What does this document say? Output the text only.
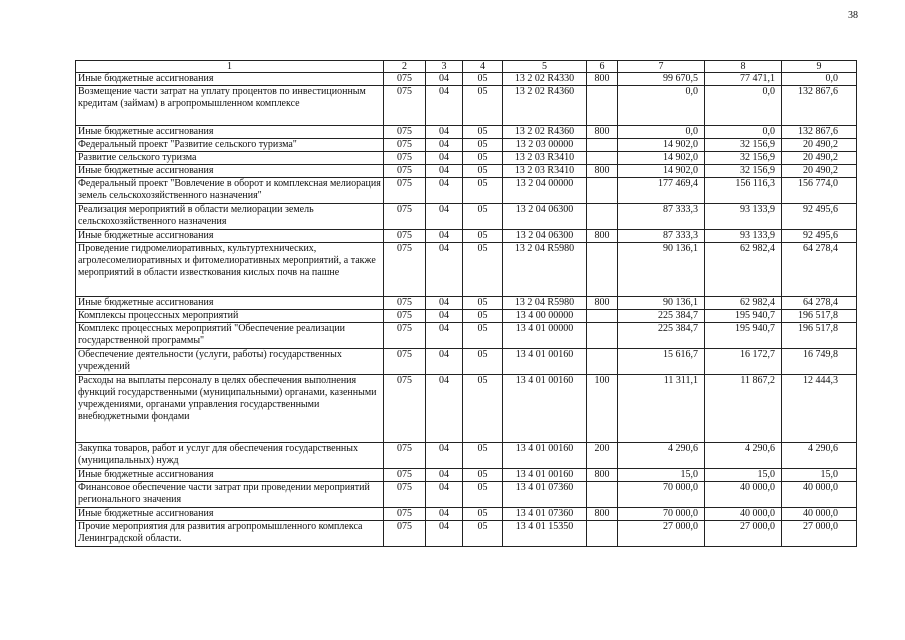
38
1	2	3	4	5	6	7	8	9
Иные бюджетные ассигнования	075	04	05	13 2 02 R4330	800	99 670,5	77 471,1	0,0
Возмещение части затрат на уплату процентов по инвестиционным кредитам (займам) в агропромышленном комплексе	075	04	05	13 2 02 R4360		0,0	0,0	132 867,6
Иные бюджетные ассигнования	075	04	05	13 2 02 R4360	800	0,0	0,0	132 867,6
Федеральный проект "Развитие сельского туризма"	075	04	05	13 2 03 00000		14 902,0	32 156,9	20 490,2
Развитие сельского туризма	075	04	05	13 2 03 R3410		14 902,0	32 156,9	20 490,2
Иные бюджетные ассигнования	075	04	05	13 2 03 R3410	800	14 902,0	32 156,9	20 490,2
Федеральный проект "Вовлечение в оборот и комплексная мелиорация земель сельскохозяйственного назначения"	075	04	05	13 2 04 00000		177 469,4	156 116,3	156 774,0
Реализация мероприятий в области мелиорации земель сельскохозяйственного назначения	075	04	05	13 2 04 06300		87 333,3	93 133,9	92 495,6
Иные бюджетные ассигнования	075	04	05	13 2 04 06300	800	87 333,3	93 133,9	92 495,6
Проведение гидромелиоративных, культуртехнических, агролесомелиоративных и фитомелиоративных мероприятий, а также мероприятий в области известкования кислых почв на пашне	075	04	05	13 2 04 R5980		90 136,1	62 982,4	64 278,4
Иные бюджетные ассигнования	075	04	05	13 2 04 R5980	800	90 136,1	62 982,4	64 278,4
Комплексы процессных мероприятий	075	04	05	13 4 00 00000		225 384,7	195 940,7	196 517,8
Комплекс процессных мероприятий "Обеспечение реализации государственной программы"	075	04	05	13 4 01 00000		225 384,7	195 940,7	196 517,8
Обеспечение деятельности (услуги, работы) государственных учреждений	075	04	05	13 4 01 00160		15 616,7	16 172,7	16 749,8
Расходы на выплаты персоналу в целях обеспечения выполнения функций государственными (муниципальными) органами, казенными учреждениями, органами управления государственными внебюджетными фондами	075	04	05	13 4 01 00160	100	11 311,1	11 867,2	12 444,3
Закупка товаров, работ и услуг для обеспечения государственных (муниципальных) нужд	075	04	05	13 4 01 00160	200	4 290,6	4 290,6	4 290,6
Иные бюджетные ассигнования	075	04	05	13 4 01 00160	800	15,0	15,0	15,0
Финансовое обеспечение части затрат при проведении мероприятий регионального значения	075	04	05	13 4 01 07360		70 000,0	40 000,0	40 000,0
Иные бюджетные ассигнования	075	04	05	13 4 01 07360	800	70 000,0	40 000,0	40 000,0
Прочие мероприятия для развития агропромышленного комплекса Ленинградской области.	075	04	05	13 4 01 15350		27 000,0	27 000,0	27 000,0
